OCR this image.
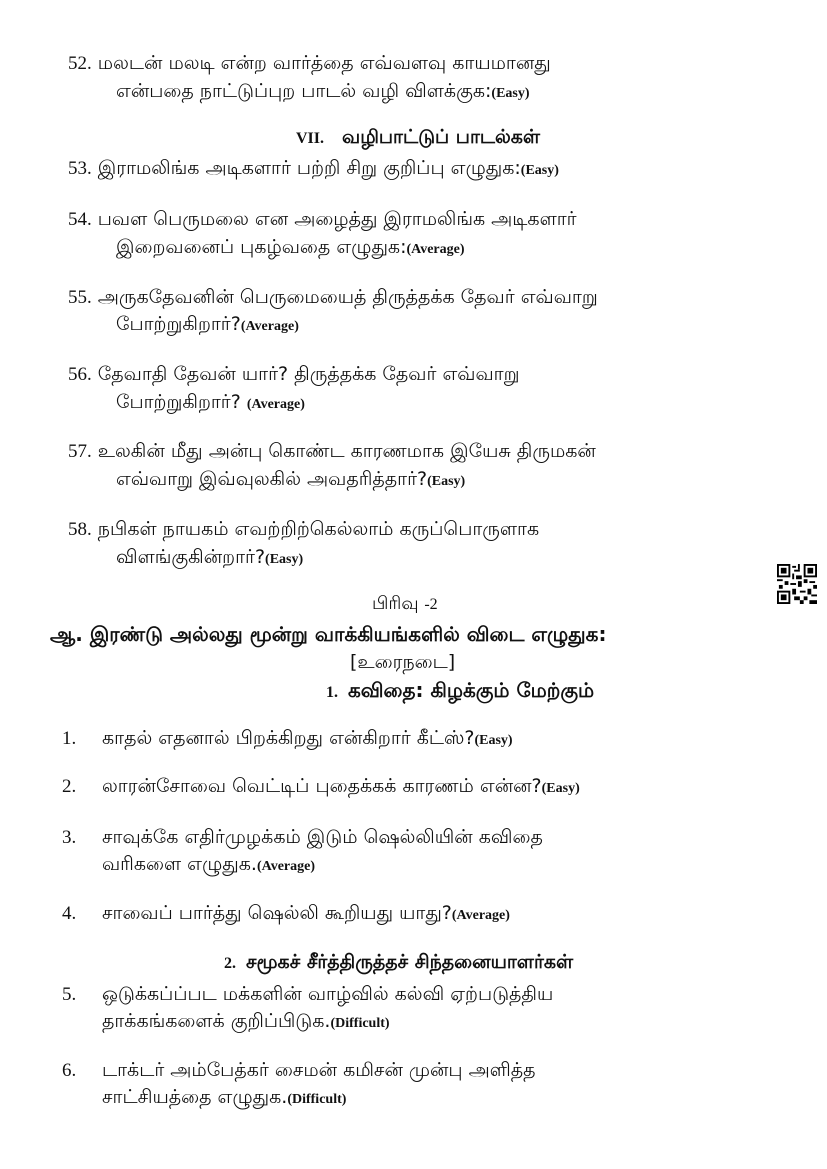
52. மலடன் மலடி என்ற வார்த்தை எவ்வளவு காயமானது
என்பதை நாட்டுப்புற பாடல் வழி விளக்குக:(Easy)
VII. வழிபாட்டுப் பாடல்கள்
53. இராமலிங்க அடிகளார் பற்றி சிறு குறிப்பு எழுதுக:(Easy)
54. பவள பெருமலை என அழைத்து இராமலிங்க அடிகளார்
இறைவனைப் புகழ்வதை எழுதுக:(Average)
55. அருகதேவனின் பெருமையைத் திருத்தக்க தேவர் எவ்வாறு
போற்றுகிறார்?(Average)
56. தேவாதி தேவன் யார்? திருத்தக்க தேவர் எவ்வாறு
போற்றுகிறார்? (Average)
57. உலகின் மீது அன்பு கொண்ட காரணமாக இயேசு திருமகன்
எவ்வாறு இவ்வுலகில் அவதரித்தார்?(Easy)
58. நபிகள் நாயகம் எவற்றிற்கெல்லாம் கருப்பொருளாக
விளங்குகின்றார்?(Easy)
பிரிவு -2
ஆ. இரண்டு அல்லது மூன்று வாக்கியங்களில் விடை எழுதுக:
[உரைநடை]
1. கவிதை: கிழக்கும் மேற்கும்
1. காதல் எதனால் பிறக்கிறது என்கிறார் கீட்ஸ்?(Easy)
2. லாரன்சோவை வெட்டிப் புதைக்கக் காரணம் என்ன?(Easy)
3. சாவுக்கே எதிர்முழக்கம் இடும் ஷெல்லியின் கவிதை
வரிகளை எழுதுக.(Average)
4. சாவைப் பார்த்து ஷெல்லி கூறியது யாது?(Average)
2. சமூகச் சீர்த்திருத்தச் சிந்தனையாளர்கள்
5. ஒடுக்கப்ப்பட மக்களின் வாழ்வில் கல்வி ஏற்படுத்திய
தாக்கங்களைக் குறிப்பிடுக.(Difficult)
6. டாக்டர் அம்பேத்கர் சைமன் கமிசன் முன்பு அளித்த
சாட்சியத்தை எழுதுக.(Difficult)
